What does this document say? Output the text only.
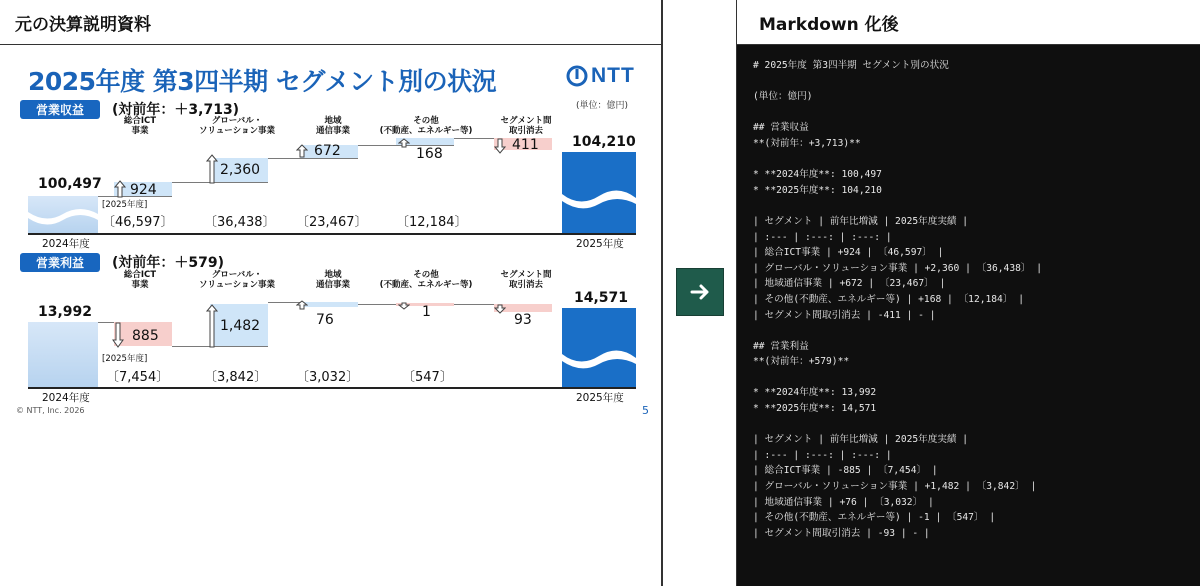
元の決算説明資料
2025年度 第3四半期 セグメント別の状況	NTT
(単位：億円)
営業収益	(対前年：＋3,713)
総合ICT
事業
グローバル・
ソリューション事業
地域
通信事業
その他
(不動産、エネルギー等)
セグメント間
取引消去
100,497 924
2,360
672	168
411 104,210
[2025年度]
〔46,597〕 〔36,438〕 〔23,467〕 〔12,184〕
2024年度	2025年度
営業利益	(対前年：＋579)
総合ICT
事業
グローバル・
ソリューション事業
地域
通信事業
その他
(不動産、エネルギー等)
セグメント間
取引消去
13,992
885
1,482	76	1	93
14,571
[2025年度]
〔7,454〕	〔3,842〕 〔3,032〕	〔547〕
2024年度	2025年度
© NTT, Inc. 2026	5
Markdown 化後
# 2025年度 第3四半期 セグメント別の状況
(単位：億円)
## 営業収益
**(対前年：+3,713)**
* **2024年度**: 100,497
* **2025年度**: 104,210
| セグメント | 前年比増減 | 2025年度実績 |
| :--- | :---: | :---: |
| 総合ICT事業 | +924 | 〔46,597〕 |
| グローバル・ソリューション事業 | +2,360 | 〔36,438〕 |
| 地域通信事業 | +672 | 〔23,467〕 |
| その他(不動産、エネルギー等) | +168 | 〔12,184〕 |
| セグメント間取引消去 | -411 | - |
## 営業利益
**(対前年：+579)**
* **2024年度**: 13,992
* **2025年度**: 14,571
| セグメント | 前年比増減 | 2025年度実績 |
| :--- | :---: | :---: |
| 総合ICT事業 | -885 | 〔7,454〕 |
| グローバル・ソリューション事業 | +1,482 | 〔3,842〕 |
| 地域通信事業 | +76 | 〔3,032〕 |
| その他(不動産、エネルギー等) | -1 | 〔547〕 |
| セグメント間取引消去 | -93 | - |
